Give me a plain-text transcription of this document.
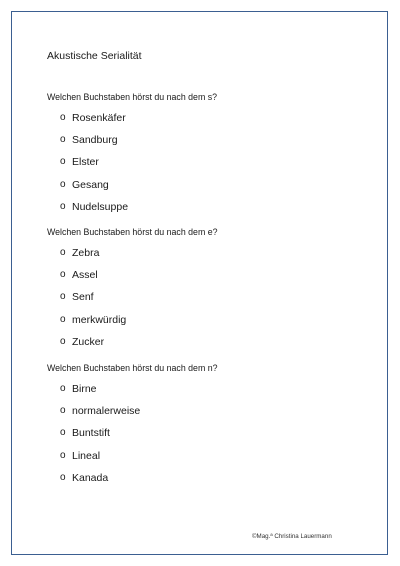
Akustische Serialität

Welchen Buchstaben hörst du nach dem s?

o Rosenkäfer
o Sandburg
o Elster
o Gesang
o Nudelsuppe

Welchen Buchstaben hörst du nach dem e?

o Zebra
o Assel
o Senf
o merkwürdig
o Zucker

Welchen Buchstaben hörst du nach dem n?

o Birne
o normalerweise
o Buntstift
o Lineal
o Kanada
©Mag.ª Christina Lauermann
